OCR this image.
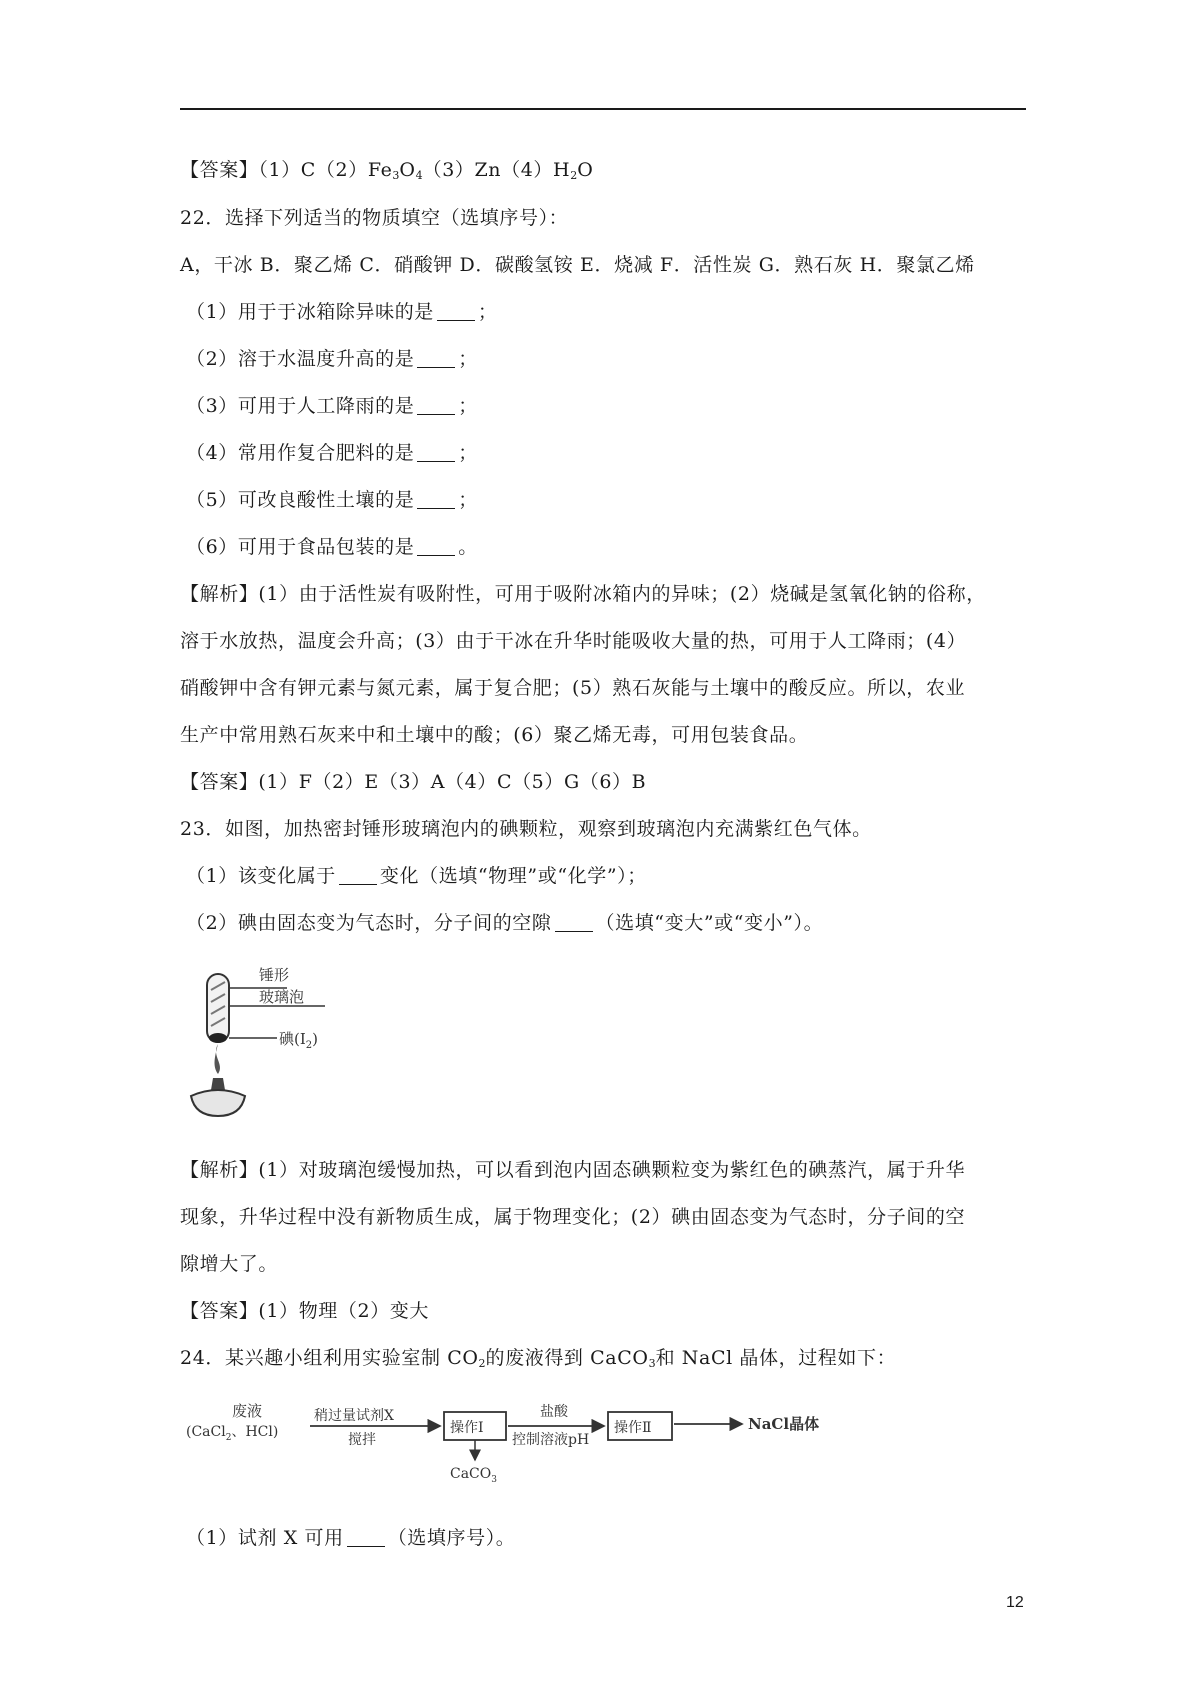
【答案】$(1)C(2)Fe_3O_4(3)Zn(4)H_2O$
22．选择下列适当的物质填空（选填序号）：
A，干冰 B．聚乙烯 C．硝酸钾 D．碳酸氢铵 E．烧减 F．活性炭 G．熟石灰 H．聚氯乙烯
（1）用于于冰箱除异味的是 ；
（2）溶于水温度升高的是 ；
（3）可用于人工降雨的是 ；
（4）常用作复合肥料的是 ；
（5）可改良酸性土壤的是 ；
（6）可用于食品包装的是 。
【解析】(1）由于活性炭有吸附性，可用于吸附冰箱内的异味；(2）烧碱是氢氧化钠的俗称，
溶于水放热，温度会升高；(3）由于干冰在升华时能吸收大量的热，可用于人工降雨；(4）
硝酸钾中含有钾元素与氮元素，属于复合肥；(5）熟石灰能与土壤中的酸反应。所以，农业
生产中常用熟石灰来中和土壤中的酸；(6）聚乙烯无毒，可用包装食品。
【答案】(1）F（2）E（3）A（4）C（5）G（6）B
23．如图，加热密封锤形玻璃泡内的碘颗粒，观察到玻璃泡内充满紫红色气体。
（1）该变化属于 变化（选填“物理”或“化学”）；
（2）碘由固态变为气态时，分子间的空隙 （选填“变大”或“变小”）。
锤形
玻璃泡
碘$(I_2)$
【解析】(1）对玻璃泡缓慢加热，可以看到泡内固态碘颗粒变为紫红色的碘蒸汽，属于升华
现象，升华过程中没有新物质生成，属于物理变化；(2）碘由固态变为气态时，分子间的空
隙增大了。
【答案】(1）物理（2）变大
24．某兴趣小组利用实验室制 $CO_2$的废液得到 CaCO$_3$和 NaCl 晶体，过程如下：
废液
(CaCl$_2$、HCl)
稍过量试剂X
搅拌
操作Ⅰ
CaCO$_3$
盐酸
控制溶液pH
操作Ⅱ	NaCl晶体
（1）试剂 X 可用 （选填序号）。
12
